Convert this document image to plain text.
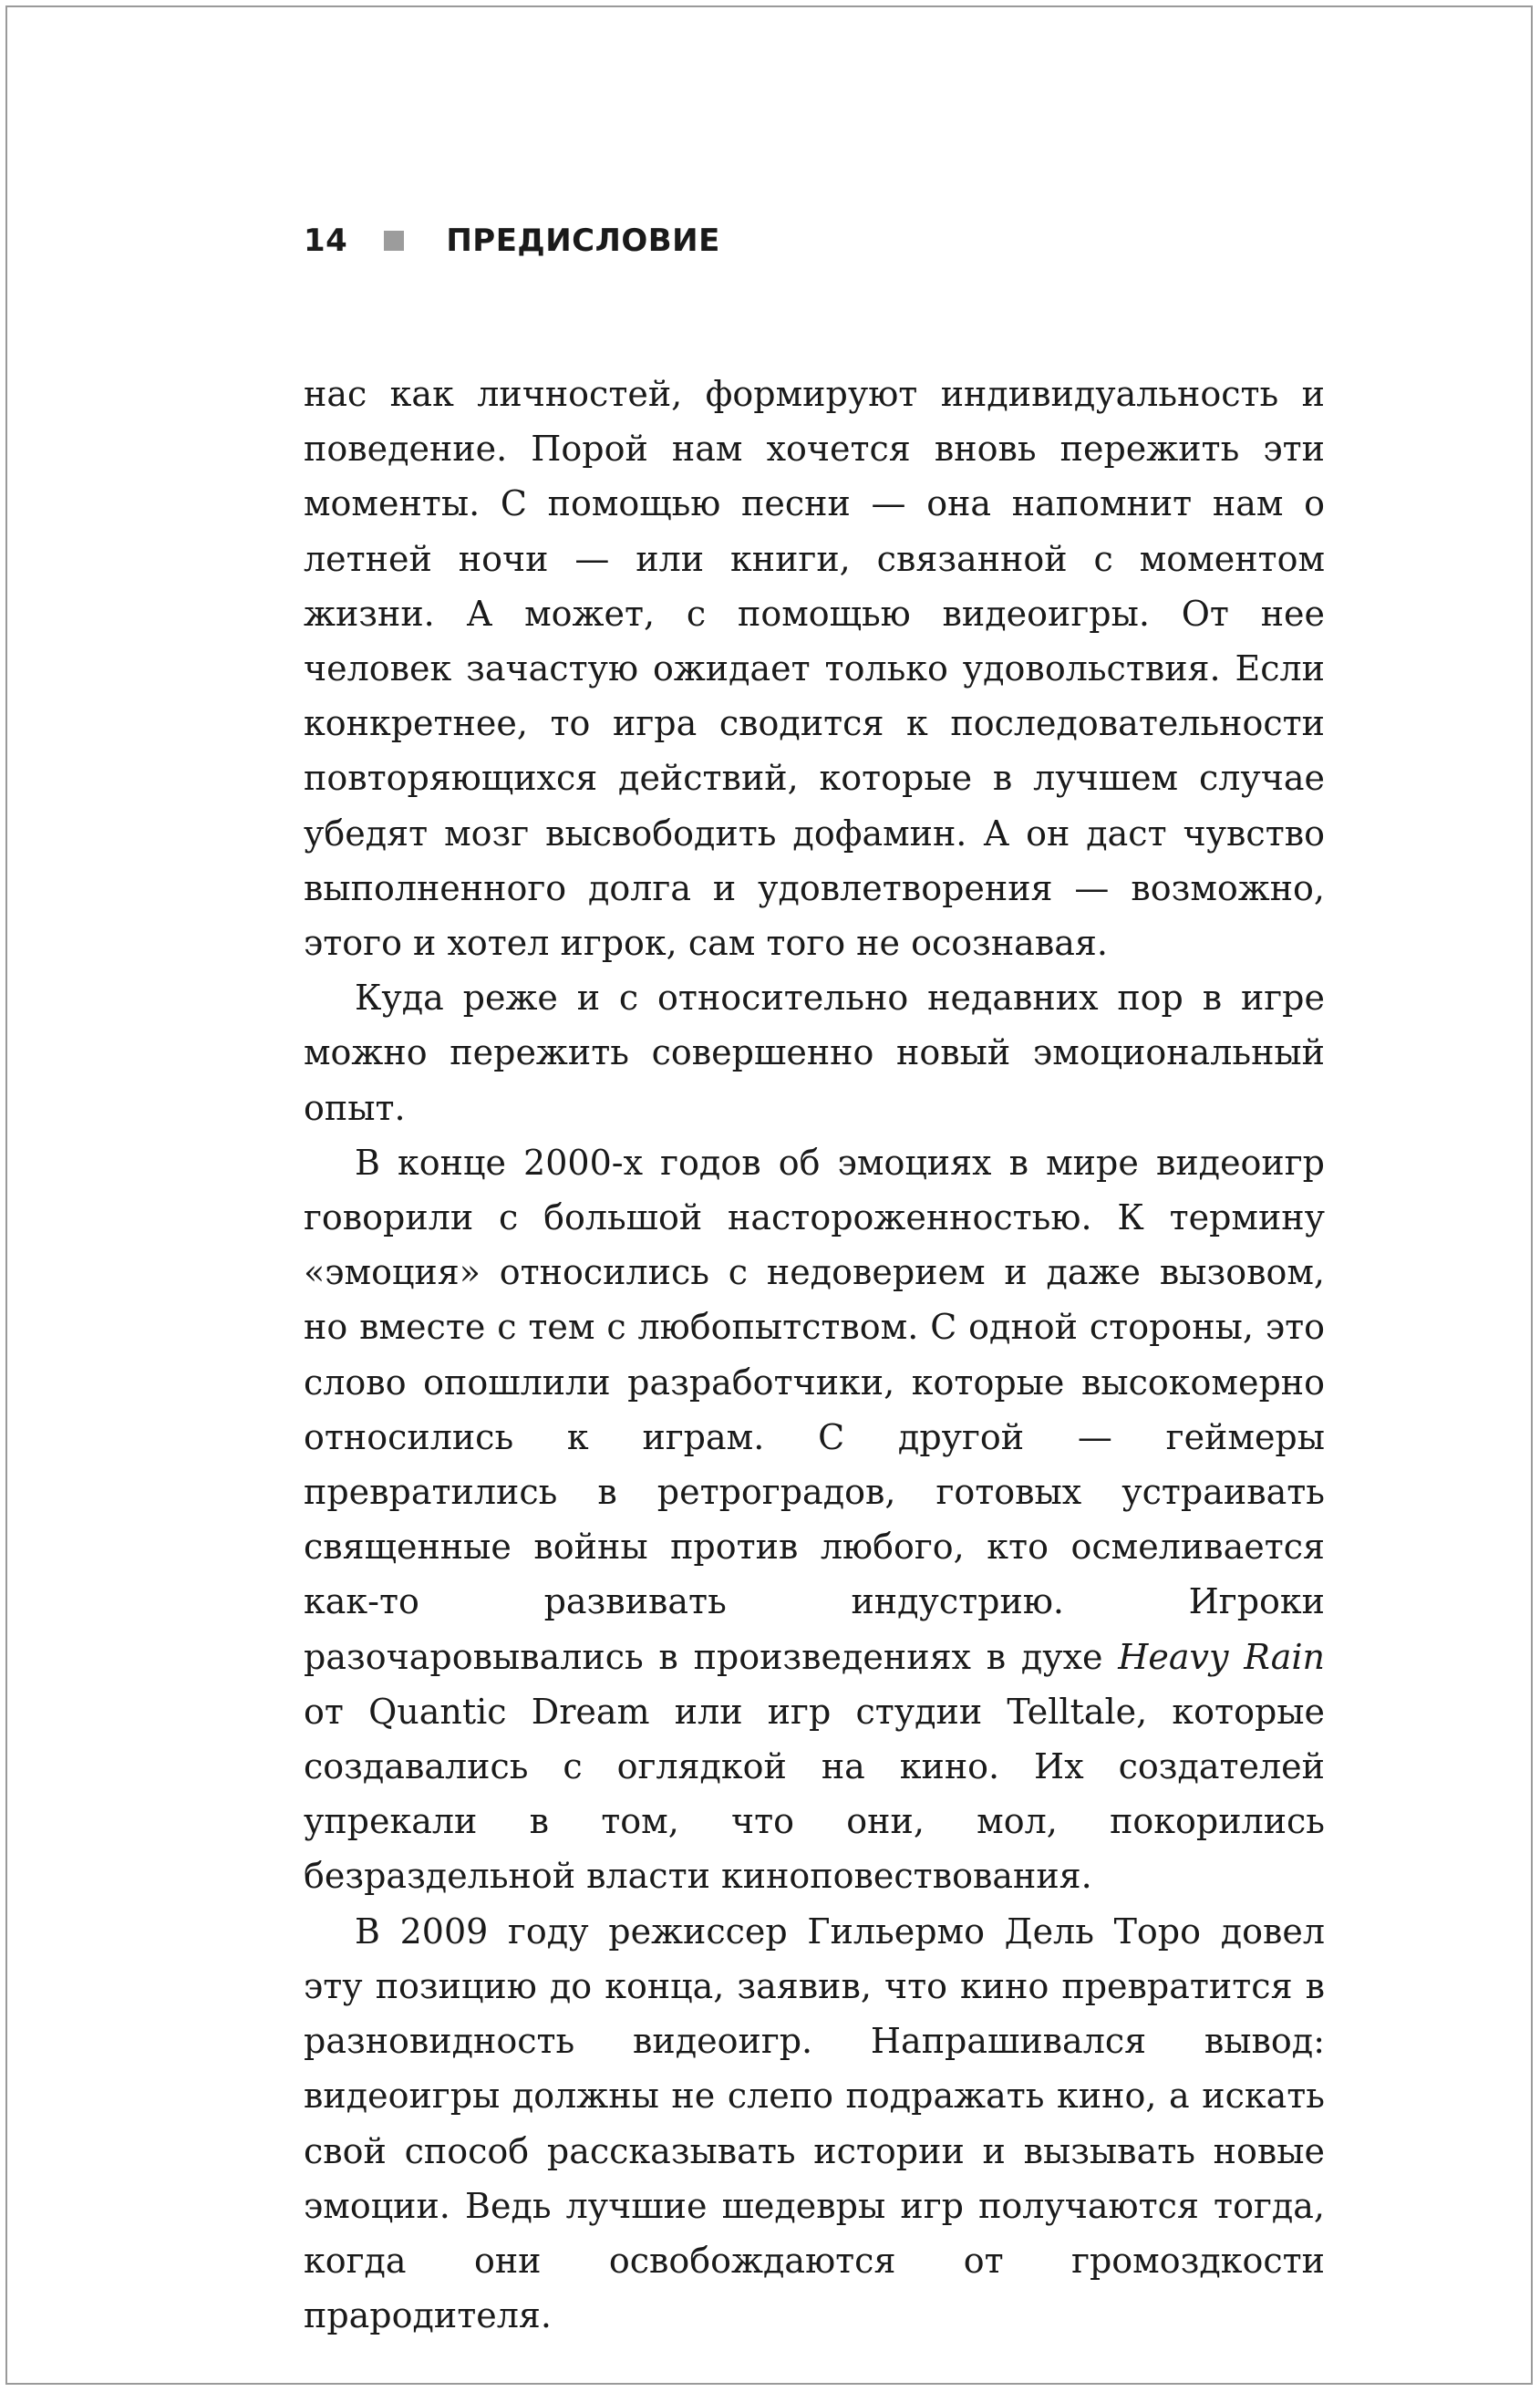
14	ПРЕДИСЛОВИЕ

нас как личностей, формируют индивидуальность и поведение. Порой нам хочется вновь пережить эти моменты. С помощью песни — она напомнит нам о летней ночи — или книги, связанной с моментом жизни. А может, с помощью видеоигры. От нее человек зачастую ожидает только удовольствия. Если конкретнее, то игра сводится к последовательности повторяющихся действий, которые в лучшем случае убедят мозг высвободить дофамин. А он даст чувство выполненного долга и удовлетворения — возможно, этого и хотел игрок, сам того не осознавая.

Куда реже и с относительно недавних пор в игре можно пережить совершенно новый эмоциональный опыт.

В конце 2000-х годов об эмоциях в мире видеоигр говорили с большой настороженностью. К термину «эмоция» относились с недоверием и даже вызовом, но вместе с тем с любопытством. С одной стороны, это слово опошлили разработчики, которые высокомерно относились к играм. С другой — геймеры превратились в ретроградов, готовых устраивать священные войны против любого, кто осмеливается как-то развивать индустрию. Игроки разочаровывались в произведениях в духе Heavy Rain от Quantic Dream или игр студии Telltale, которые создавались с оглядкой на кино. Их создателей упрекали в том, что они, мол, покорились безраздельной власти киноповествования.

В 2009 году режиссер Гильермо Дель Торо довел эту позицию до конца, заявив, что кино превратится в разновидность видеоигр. Напрашивался вывод: видеоигры должны не слепо подражать кино, а искать свой способ рассказывать истории и вызывать новые эмоции. Ведь лучшие шедевры игр получаются тогда, когда они освобождаются от громоздкости прародителя.
